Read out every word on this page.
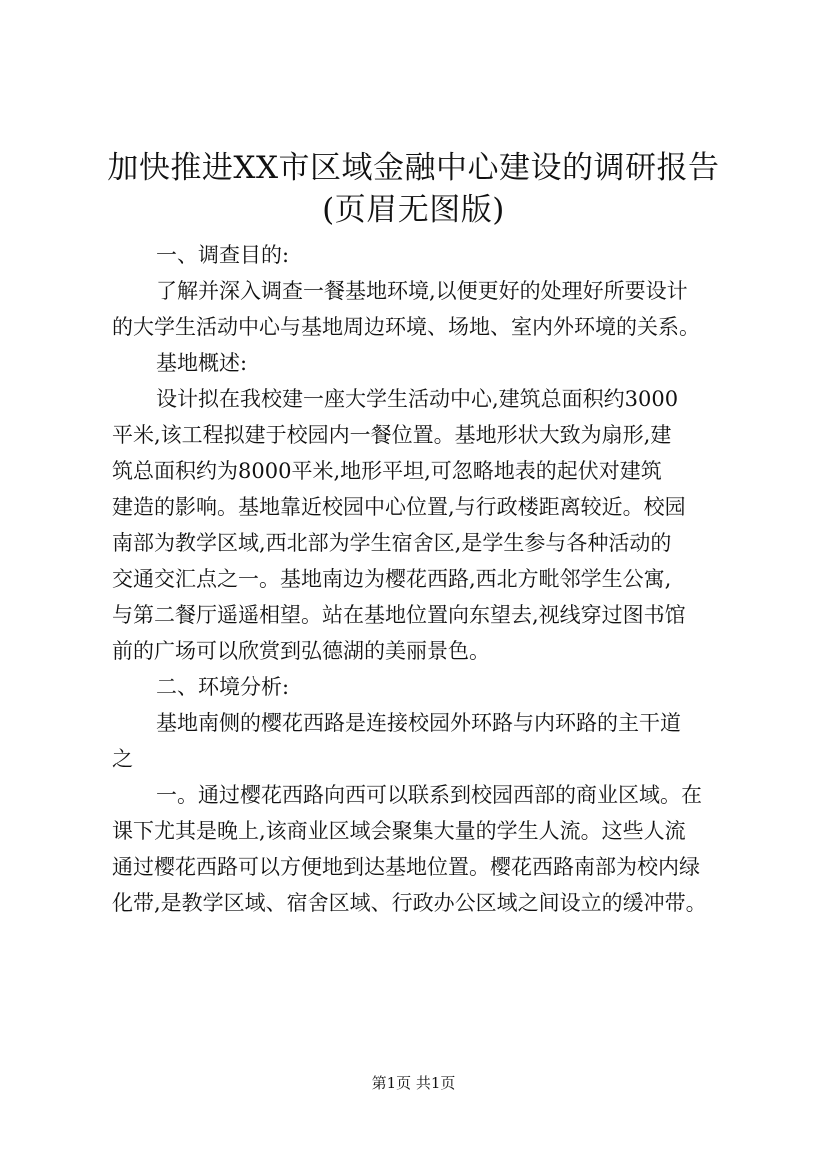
加快推进XX市区域金融中心建设的调研报告
(页眉无图版)
一、调查目的:
了解并深入调查一餐基地环境,以便更好的处理好所要设计
的大学生活动中心与基地周边环境、场地、室内外环境的关系。
基地概述:
设计拟在我校建一座大学生活动中心,建筑总面积约3000
平米,该工程拟建于校园内一餐位置。基地形状大致为扇形,建
筑总面积约为8000平米,地形平坦,可忽略地表的起伏对建筑
建造的影响。基地靠近校园中心位置,与行政楼距离较近。校园
南部为教学区域,西北部为学生宿舍区,是学生参与各种活动的
交通交汇点之一。基地南边为樱花西路,西北方毗邻学生公寓,
与第二餐厅遥遥相望。站在基地位置向东望去,视线穿过图书馆
前的广场可以欣赏到弘德湖的美丽景色。
二、环境分析:
基地南侧的樱花西路是连接校园外环路与内环路的主干道
之
一。通过樱花西路向西可以联系到校园西部的商业区域。在
课下尤其是晚上,该商业区域会聚集大量的学生人流。这些人流
通过樱花西路可以方便地到达基地位置。樱花西路南部为校内绿
化带,是教学区域、宿舍区域、行政办公区域之间设立的缓冲带。
第1页 共1页
